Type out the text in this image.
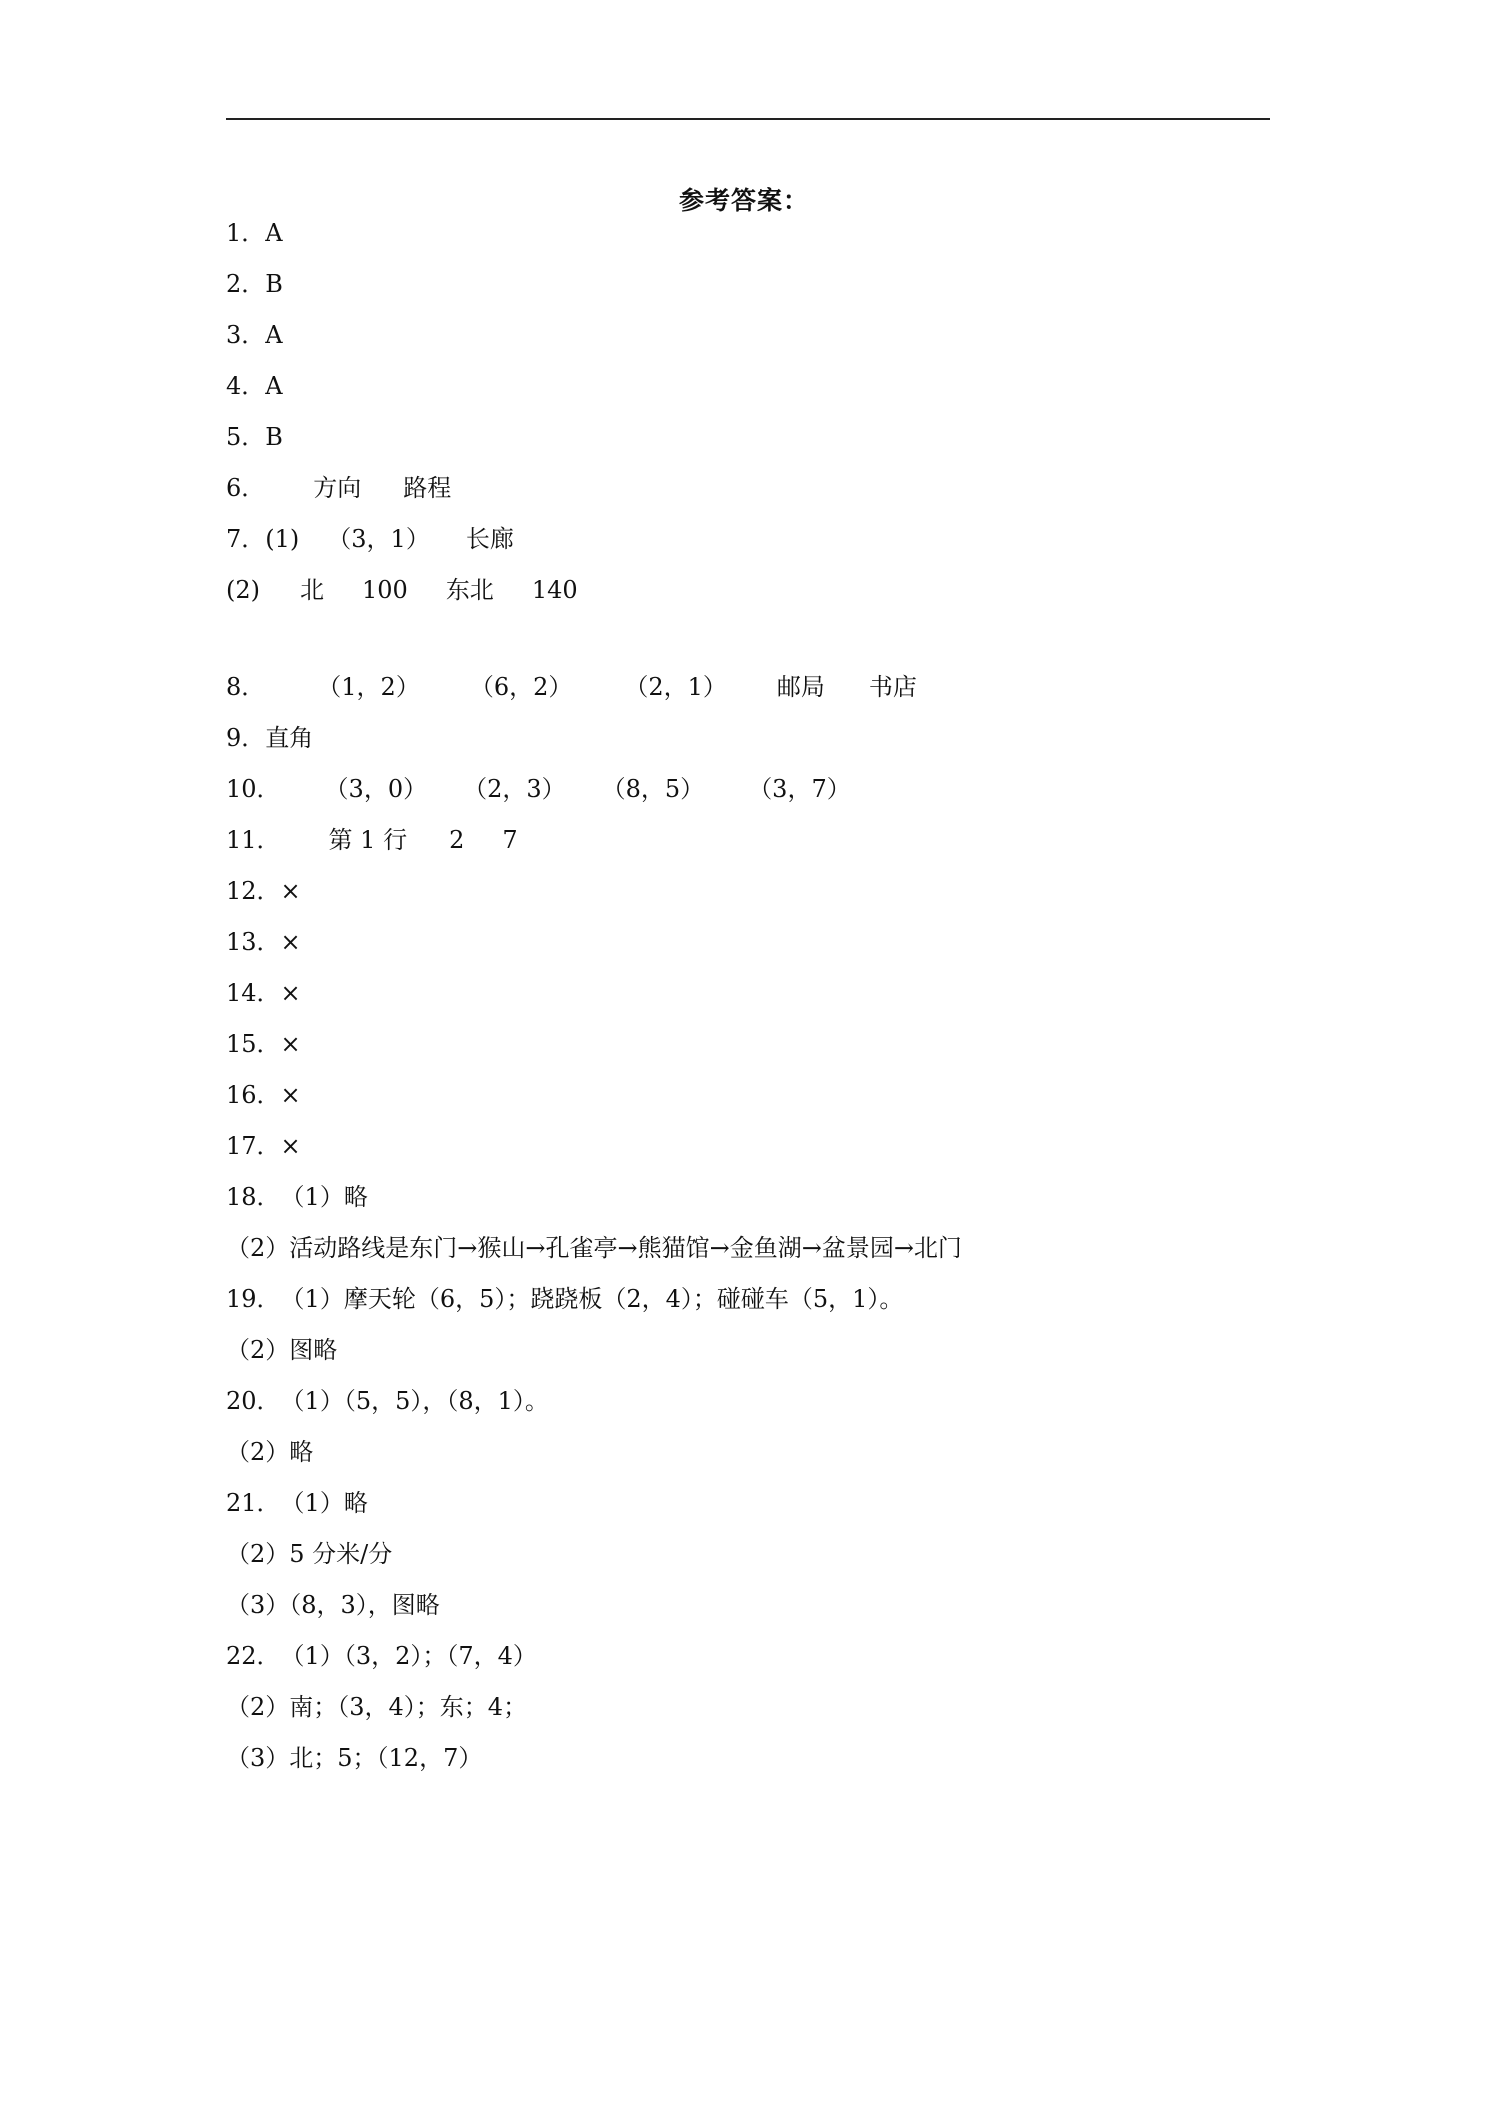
参考答案：
1．A
2．B
3．A
4．A
5．B
6． 方向 路程
7．(1) （3，1） 长廊
(2) 北 100 东北 140
8． （1，2） （6，2） （2，1） 邮局 书店
9．直角
10． （3，0） （2，3） （8，5） （3，7）
11． 第 1 行 2 7
12．×
13．×
14．×
15．×
16．×
17．×
18．（1）略
（2）活动路线是东门→猴山→孔雀亭→熊猫馆→金鱼湖→盆景园→北门
19．（1）摩天轮（6，5）；跷跷板（2，4）；碰碰车（5，1）。
（2）图略
20．（1）（5，5），（8，1）。
（2）略
21．（1）略
（2）5 分米/分
（3）（8，3），图略
22．（1）（3，2）；（7，4）
（2）南；（3，4）；东；4；
（3）北；5；（12，7）
